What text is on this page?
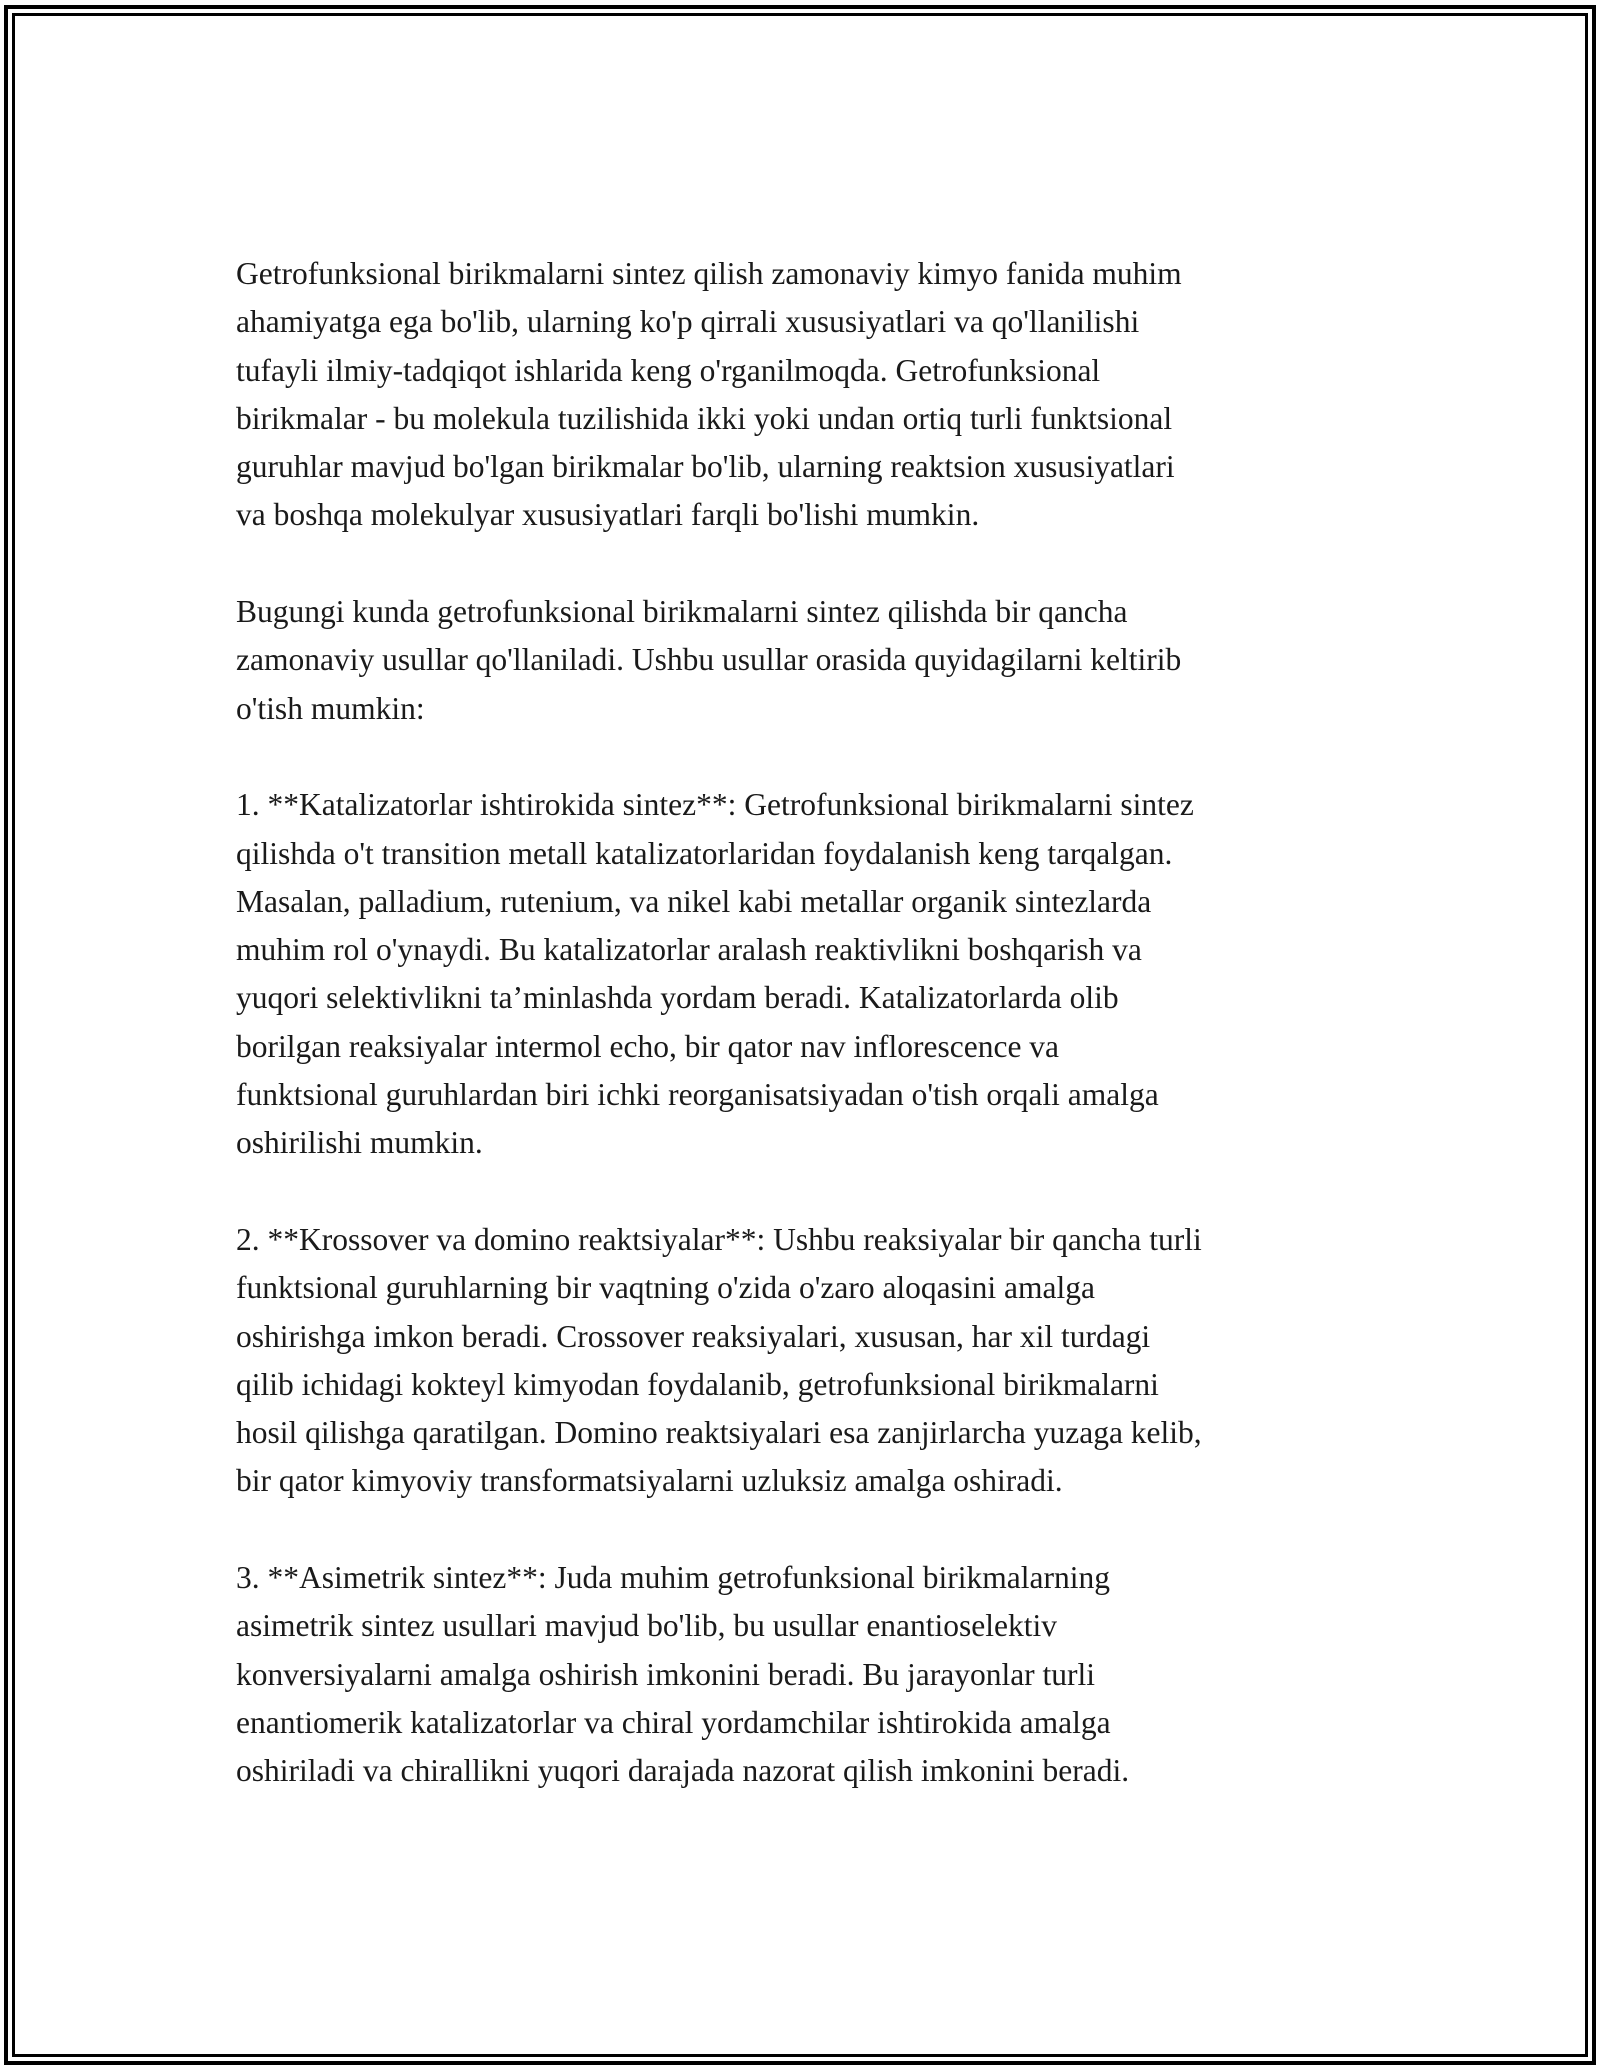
Getrofunksional birikmalarni sintez qilish zamonaviy kimyo fanida muhim
ahamiyatga ega bo'lib, ularning ko'p qirrali xususiyatlari va qo'llanilishi
tufayli ilmiy-tadqiqot ishlarida keng o'rganilmoqda. Getrofunksional
birikmalar - bu molekula tuzilishida ikki yoki undan ortiq turli funktsional
guruhlar mavjud bo'lgan birikmalar bo'lib, ularning reaktsion xususiyatlari
va boshqa molekulyar xususiyatlari farqli bo'lishi mumkin.

Bugungi kunda getrofunksional birikmalarni sintez qilishda bir qancha
zamonaviy usullar qo'llaniladi. Ushbu usullar orasida quyidagilarni keltirib
o'tish mumkin:

1. **Katalizatorlar ishtirokida sintez**: Getrofunksional birikmalarni sintez
qilishda o't transition metall katalizatorlaridan foydalanish keng tarqalgan.
Masalan, palladium, rutenium, va nikel kabi metallar organik sintezlarda
muhim rol o'ynaydi. Bu katalizatorlar aralash reaktivlikni boshqarish va
yuqori selektivlikni ta’minlashda yordam beradi. Katalizatorlarda olib
borilgan reaksiyalar intermol echo, bir qator nav inflorescence va
funktsional guruhlardan biri ichki reorganisatsiyadan o'tish orqali amalga
oshirilishi mumkin.

2. **Krossover va domino reaktsiyalar**: Ushbu reaksiyalar bir qancha turli
funktsional guruhlarning bir vaqtning o'zida o'zaro aloqasini amalga
oshirishga imkon beradi. Crossover reaksiyalari, xususan, har xil turdagi
qilib ichidagi kokteyl kimyodan foydalanib, getrofunksional birikmalarni
hosil qilishga qaratilgan. Domino reaktsiyalari esa zanjirlarcha yuzaga kelib,
bir qator kimyoviy transformatsiyalarni uzluksiz amalga oshiradi.

3. **Asimetrik sintez**: Juda muhim getrofunksional birikmalarning
asimetrik sintez usullari mavjud bo'lib, bu usullar enantioselektiv
konversiyalarni amalga oshirish imkonini beradi. Bu jarayonlar turli
enantiomerik katalizatorlar va chiral yordamchilar ishtirokida amalga
oshiriladi va chirallikni yuqori darajada nazorat qilish imkonini beradi.
